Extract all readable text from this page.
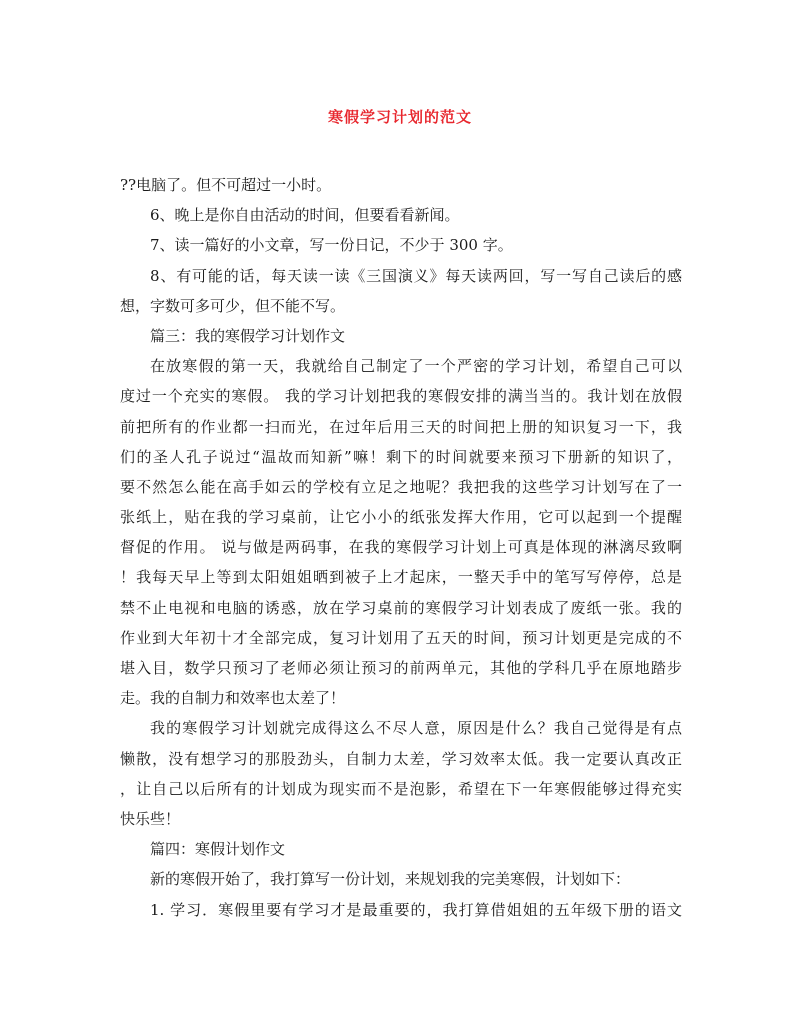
寒假学习计划的范文
??电脑了。但不可超过一小时。
6、晚上是你自由活动的时间，但要看看新闻。
7、读一篇好的小文章，写一份日记，不少于 300 字。
8、有可能的话，每天读一读《三国演义》每天读两回，写一写自己读后的感
想，字数可多可少，但不能不写。
篇三：我的寒假学习计划作文
在放寒假的第一天，我就给自己制定了一个严密的学习计划，希望自己可以
度过一个充实的寒假。 我的学习计划把我的寒假安排的满当当的。我计划在放假
前把所有的作业都一扫而光，在过年后用三天的时间把上册的知识复习一下，我
们的圣人孔子说过“温故而知新”嘛！剩下的时间就要来预习下册新的知识了，
要不然怎么能在高手如云的学校有立足之地呢？我把我的这些学习计划写在了一
张纸上，贴在我的学习桌前，让它小小的纸张发挥大作用，它可以起到一个提醒
督促的作用。 说与做是两码事，在我的寒假学习计划上可真是体现的淋漓尽致啊
！我每天早上等到太阳姐姐晒到被子上才起床，一整天手中的笔写写停停，总是
禁不止电视和电脑的诱惑，放在学习桌前的寒假学习计划表成了废纸一张。我的
作业到大年初十才全部完成，复习计划用了五天的时间，预习计划更是完成的不
堪入目，数学只预习了老师必须让预习的前两单元，其他的学科几乎在原地踏步
走。我的自制力和效率也太差了！
我的寒假学习计划就完成得这么不尽人意，原因是什么？我自己觉得是有点
懒散，没有想学习的那股劲头，自制力太差，学习效率太低。我一定要认真改正
，让自己以后所有的计划成为现实而不是泡影，希望在下一年寒假能够过得充实
快乐些！
篇四：寒假计划作文
新的寒假开始了，我打算写一份计划，来规划我的完美寒假，计划如下：
1. 学习．寒假里要有学习才是最重要的，我打算借姐姐的五年级下册的语文
